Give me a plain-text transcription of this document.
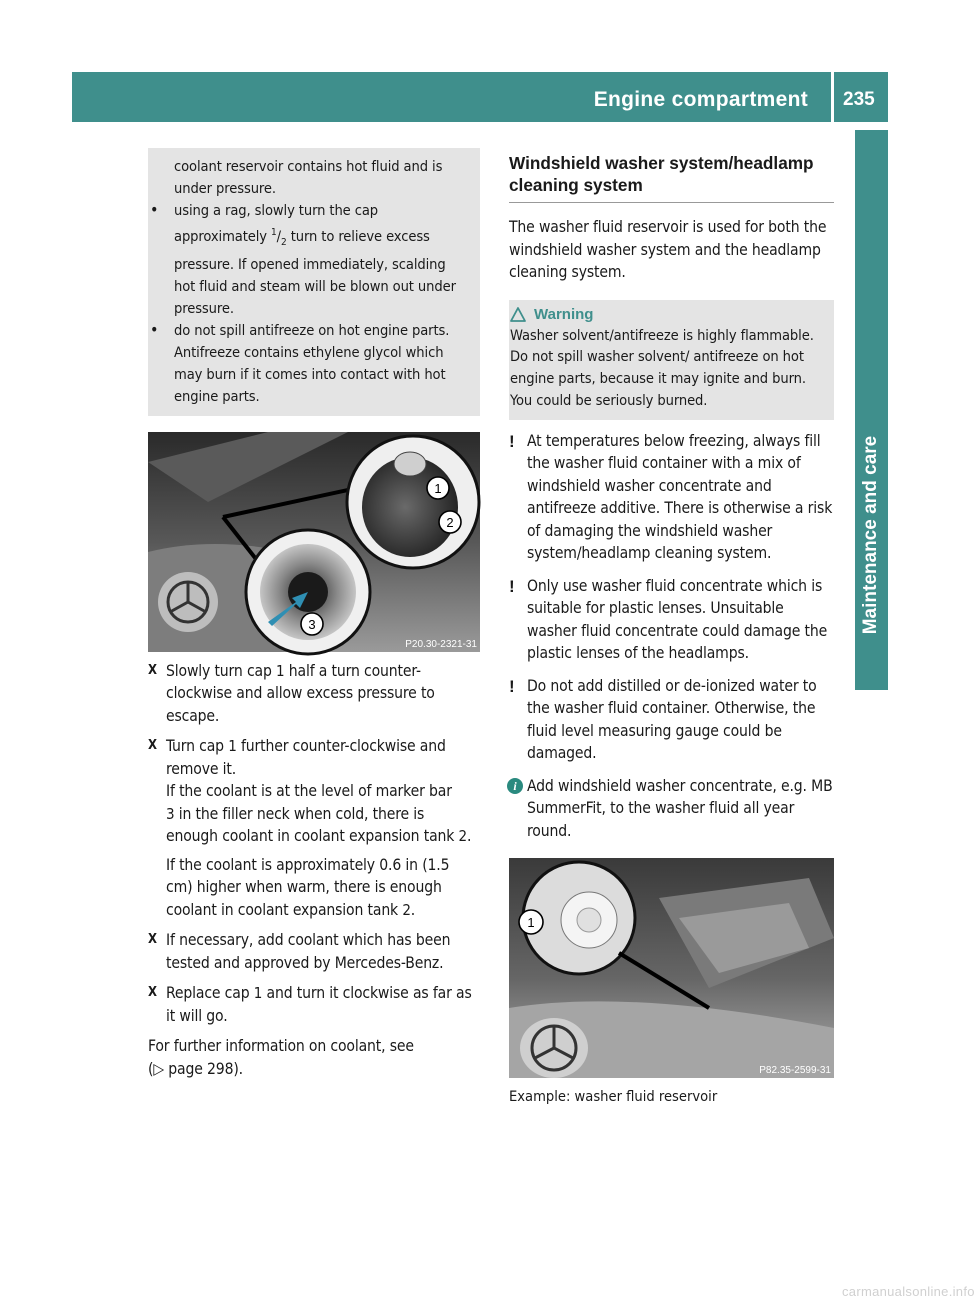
Engine compartment 235
Maintenance and care

coolant reservoir contains hot fluid and is

under pressure.

• using a rag, slowly turn the cap

approximately $^1/_2$ turn to relieve excess

pressure. If opened immediately, scalding

hot fluid and steam will be blown out under

pressure.

• do not spill antifreeze on hot engine parts.

Antifreeze contains ethylene glycol which

may burn if it comes into contact with hot

engine parts.

1
2
3
P20.30-2321-31
X Slowly turn cap 1 half a turn counter-clockwise and allow excess pressure to escape.

X Turn cap 1 further counter-clockwise and remove it.
If the coolant is at the level of marker bar
3 in the filler neck when cold, there is enough coolant in coolant expansion tank 2.

If the coolant is approximately 0.6 in (1.5 cm) higher when warm, there is enough coolant in coolant expansion tank 2.

X If necessary, add coolant which has been tested and approved by Mercedes-Benz.

X Replace cap 1 and turn it clockwise as far as it will go.

For further information on coolant, see
(▷ page 298).

Windshield washer system/headlamp
cleaning system

The washer fluid reservoir is used for both the windshield washer system and the headlamp cleaning system.

Warning

Washer solvent/antifreeze is highly flammable. Do not spill washer solvent/ antifreeze on hot engine parts, because it may ignite and burn. You could be seriously burned.

! At temperatures below freezing, always fill the washer fluid container with a mix of windshield washer concentrate and antifreeze additive. There is otherwise a risk of damaging the windshield washer system/headlamp cleaning system.

! Only use washer fluid concentrate which is suitable for plastic lenses. Unsuitable washer fluid concentrate could damage the plastic lenses of the headlamps.

! Do not add distilled or de-ionized water to the washer fluid container. Otherwise, the fluid level measuring gauge could be damaged.

i Add windshield washer concentrate, e.g. MB SummerFit, to the washer fluid all year round.

1
P82.35-2599-31

Example: washer fluid reservoir

carmanualsonline.info
